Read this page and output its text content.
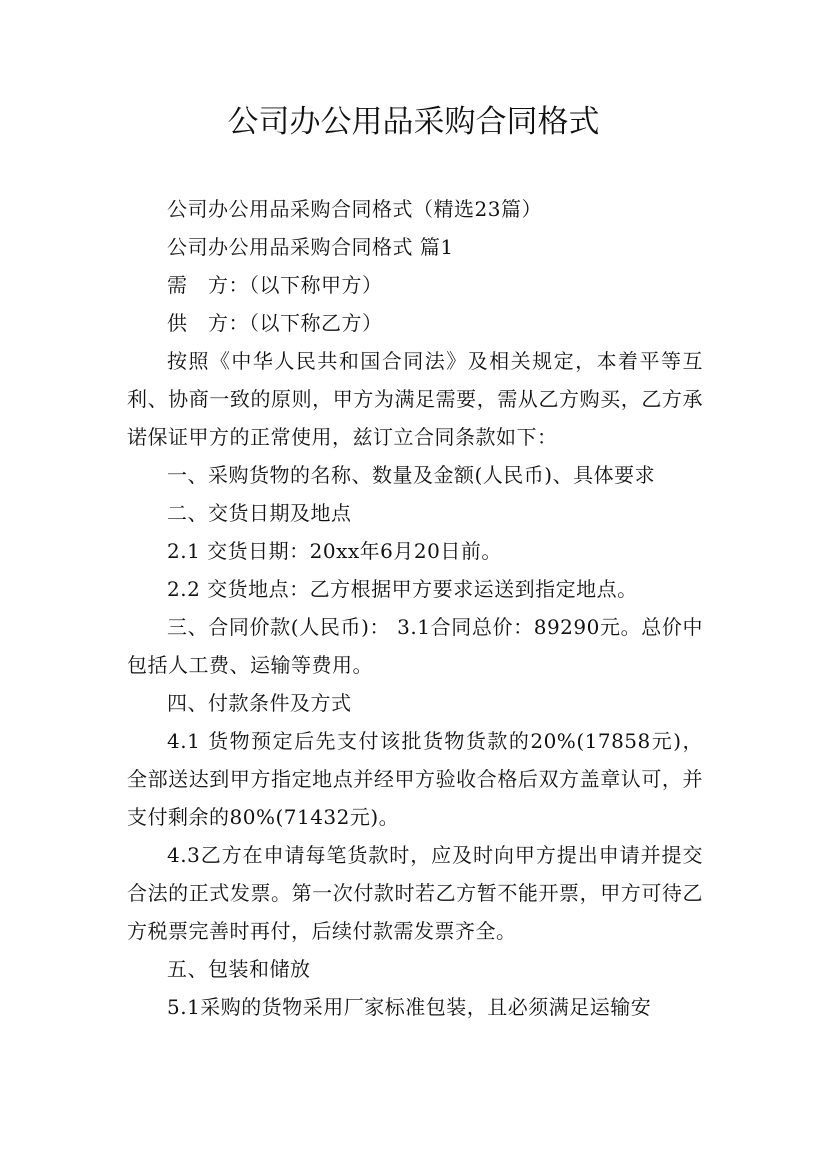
公司办公用品采购合同格式

公司办公用品采购合同格式（精选23篇）

公司办公用品采购合同格式 篇1

需　方：（以下称甲方）

供　方：（以下称乙方）

按照《中华人民共和国合同法》及相关规定，本着平等互利、协商一致的原则，甲方为满足需要，需从乙方购买，乙方承诺保证甲方的正常使用，兹订立合同条款如下：

一、采购货物的名称、数量及金额(人民币)、具体要求

二、交货日期及地点

2.1 交货日期：20xx年6月20日前。

2.2 交货地点：乙方根据甲方要求运送到指定地点。

三、合同价款(人民币)： 3.1合同总价：89290元。总价中包括人工费、运输等费用。

四、付款条件及方式

4.1 货物预定后先支付该批货物货款的20%(17858元)，全部送达到甲方指定地点并经甲方验收合格后双方盖章认可，并支付剩余的80%(71432元)。

4.3乙方在申请每笔货款时，应及时向甲方提出申请并提交合法的正式发票。第一次付款时若乙方暂不能开票，甲方可待乙方税票完善时再付，后续付款需发票齐全。

五、包装和储放

5.1采购的货物采用厂家标准包装，且必须满足运输安
